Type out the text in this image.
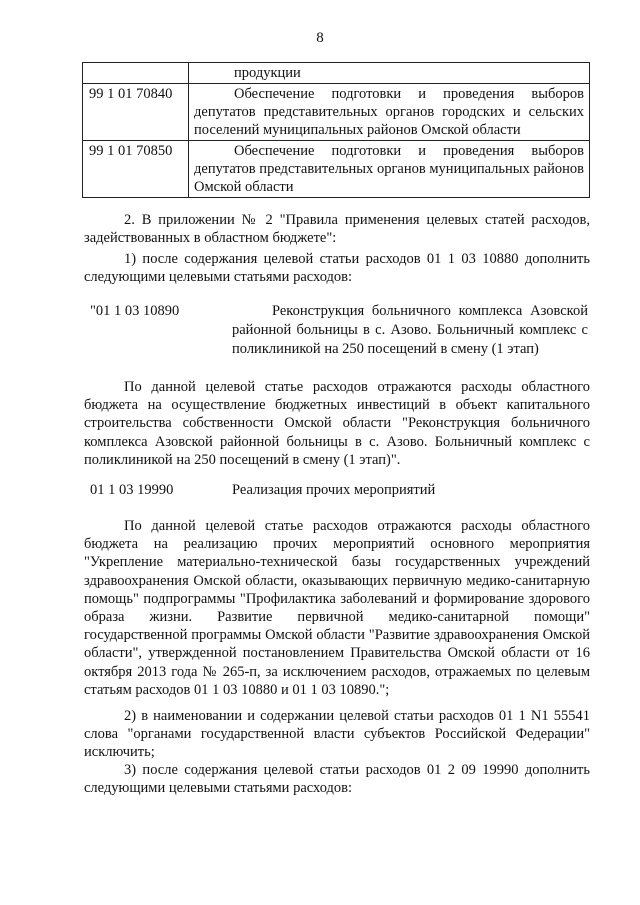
8
	продукции
99 1 01 70840	Обеспечение подготовки и проведения выборов депутатов представительных органов городских и сельских поселений муниципальных районов Омской области
99 1 01 70850	Обеспечение подготовки и проведения выборов депутатов представительных органов муниципальных районов Омской области

2. В приложении № 2 "Правила применения целевых статей расходов, задействованных в областном бюджете":

1) после содержания целевой статьи расходов 01 1 03 10880 дополнить следующими целевыми статьями расходов:

"01 1 03 10890	Реконструкция больничного комплекса Азовской районной больницы в с. Азово. Больничный комплекс с поликлиникой на 250 посещений в смену (1 этап)

По данной целевой статье расходов отражаются расходы областного бюджета на осуществление бюджетных инвестиций в объект капитального строительства собственности Омской области "Реконструкция больничного комплекса Азовской районной больницы в с. Азово. Больничный комплекс с поликлиникой на 250 посещений в смену (1 этап)".

01 1 03 19990	Реализация прочих мероприятий

По данной целевой статье расходов отражаются расходы областного бюджета на реализацию прочих мероприятий основного мероприятия "Укрепление материально-технической базы государственных учреждений здравоохранения Омской области, оказывающих первичную медико-санитарную помощь" подпрограммы "Профилактика заболеваний и формирование здорового образа жизни. Развитие первичной медико-санитарной помощи" государственной программы Омской области "Развитие здравоохранения Омской области", утвержденной постановлением Правительства Омской области от 16 октября 2013 года № 265-п, за исключением расходов, отражаемых по целевым статьям расходов 01 1 03 10880 и 01 1 03 10890.";

2) в наименовании и содержании целевой статьи расходов 01 1 N1 55541 слова "органами государственной власти субъектов Российской Федерации" исключить;

3) после содержания целевой статьи расходов 01 2 09 19990 дополнить следующими целевыми статьями расходов:
